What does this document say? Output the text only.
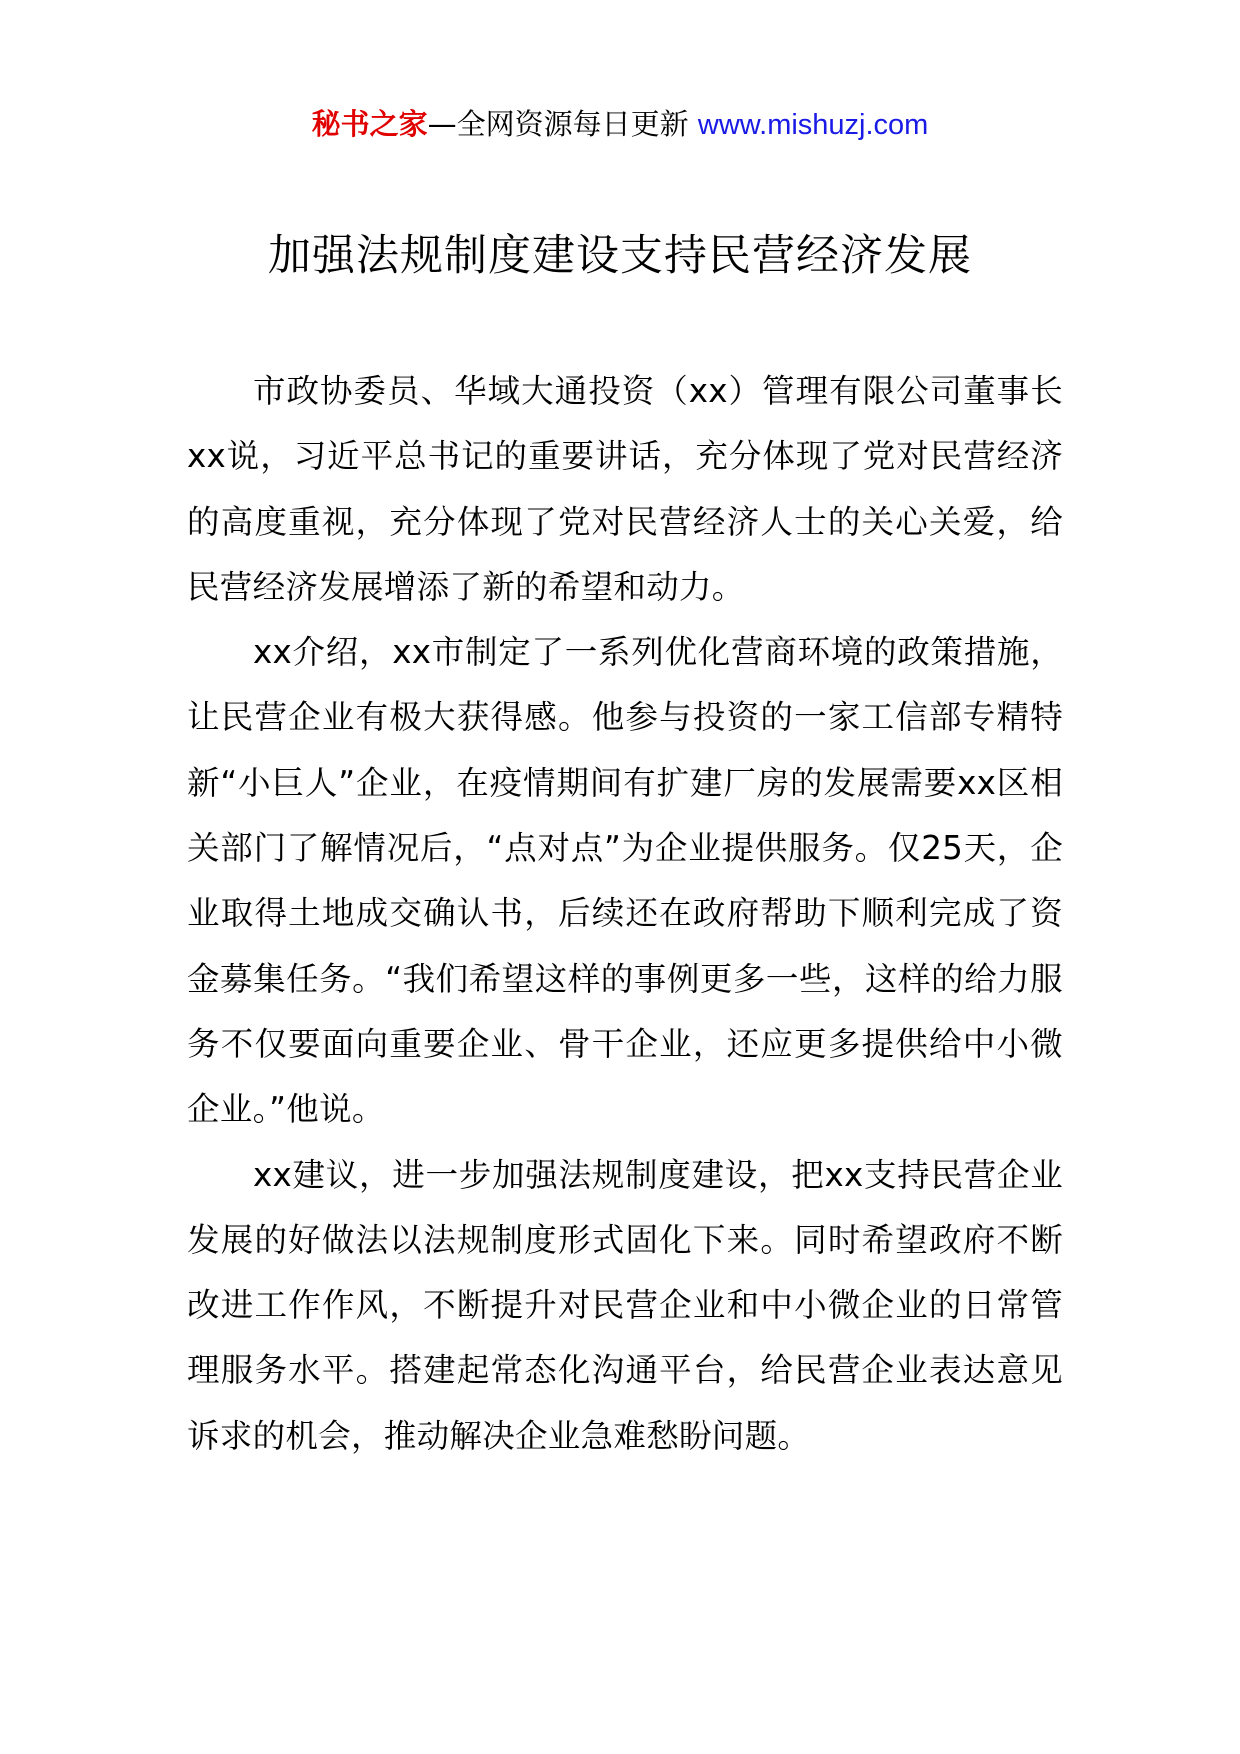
秘书之家—全网资源每日更新 www.mishuzj.com
加强法规制度建设支持民营经济发展

市政协委员、华域大通投资（xx）管理有限公司董事长xx说，习近平总书记的重要讲话，充分体现了党对民营经济的高度重视，充分体现了党对民营经济人士的关心关爱，给民营经济发展增添了新的希望和动力。

xx介绍，xx市制定了一系列优化营商环境的政策措施，让民营企业有极大获得感。他参与投资的一家工信部专精特新“小巨人”企业，在疫情期间有扩建厂房的发展需要xx区相关部门了解情况后，“点对点”为企业提供服务。仅25天，企业取得土地成交确认书，后续还在政府帮助下顺利完成了资金募集任务。“我们希望这样的事例更多一些，这样的给力服务不仅要面向重要企业、骨干企业，还应更多提供给中小微企业。”他说。

xx建议，进一步加强法规制度建设，把xx支持民营企业发展的好做法以法规制度形式固化下来。同时希望政府不断改进工作作风，不断提升对民营企业和中小微企业的日常管理服务水平。搭建起常态化沟通平台，给民营企业表达意见诉求的机会，推动解决企业急难愁盼问题。
